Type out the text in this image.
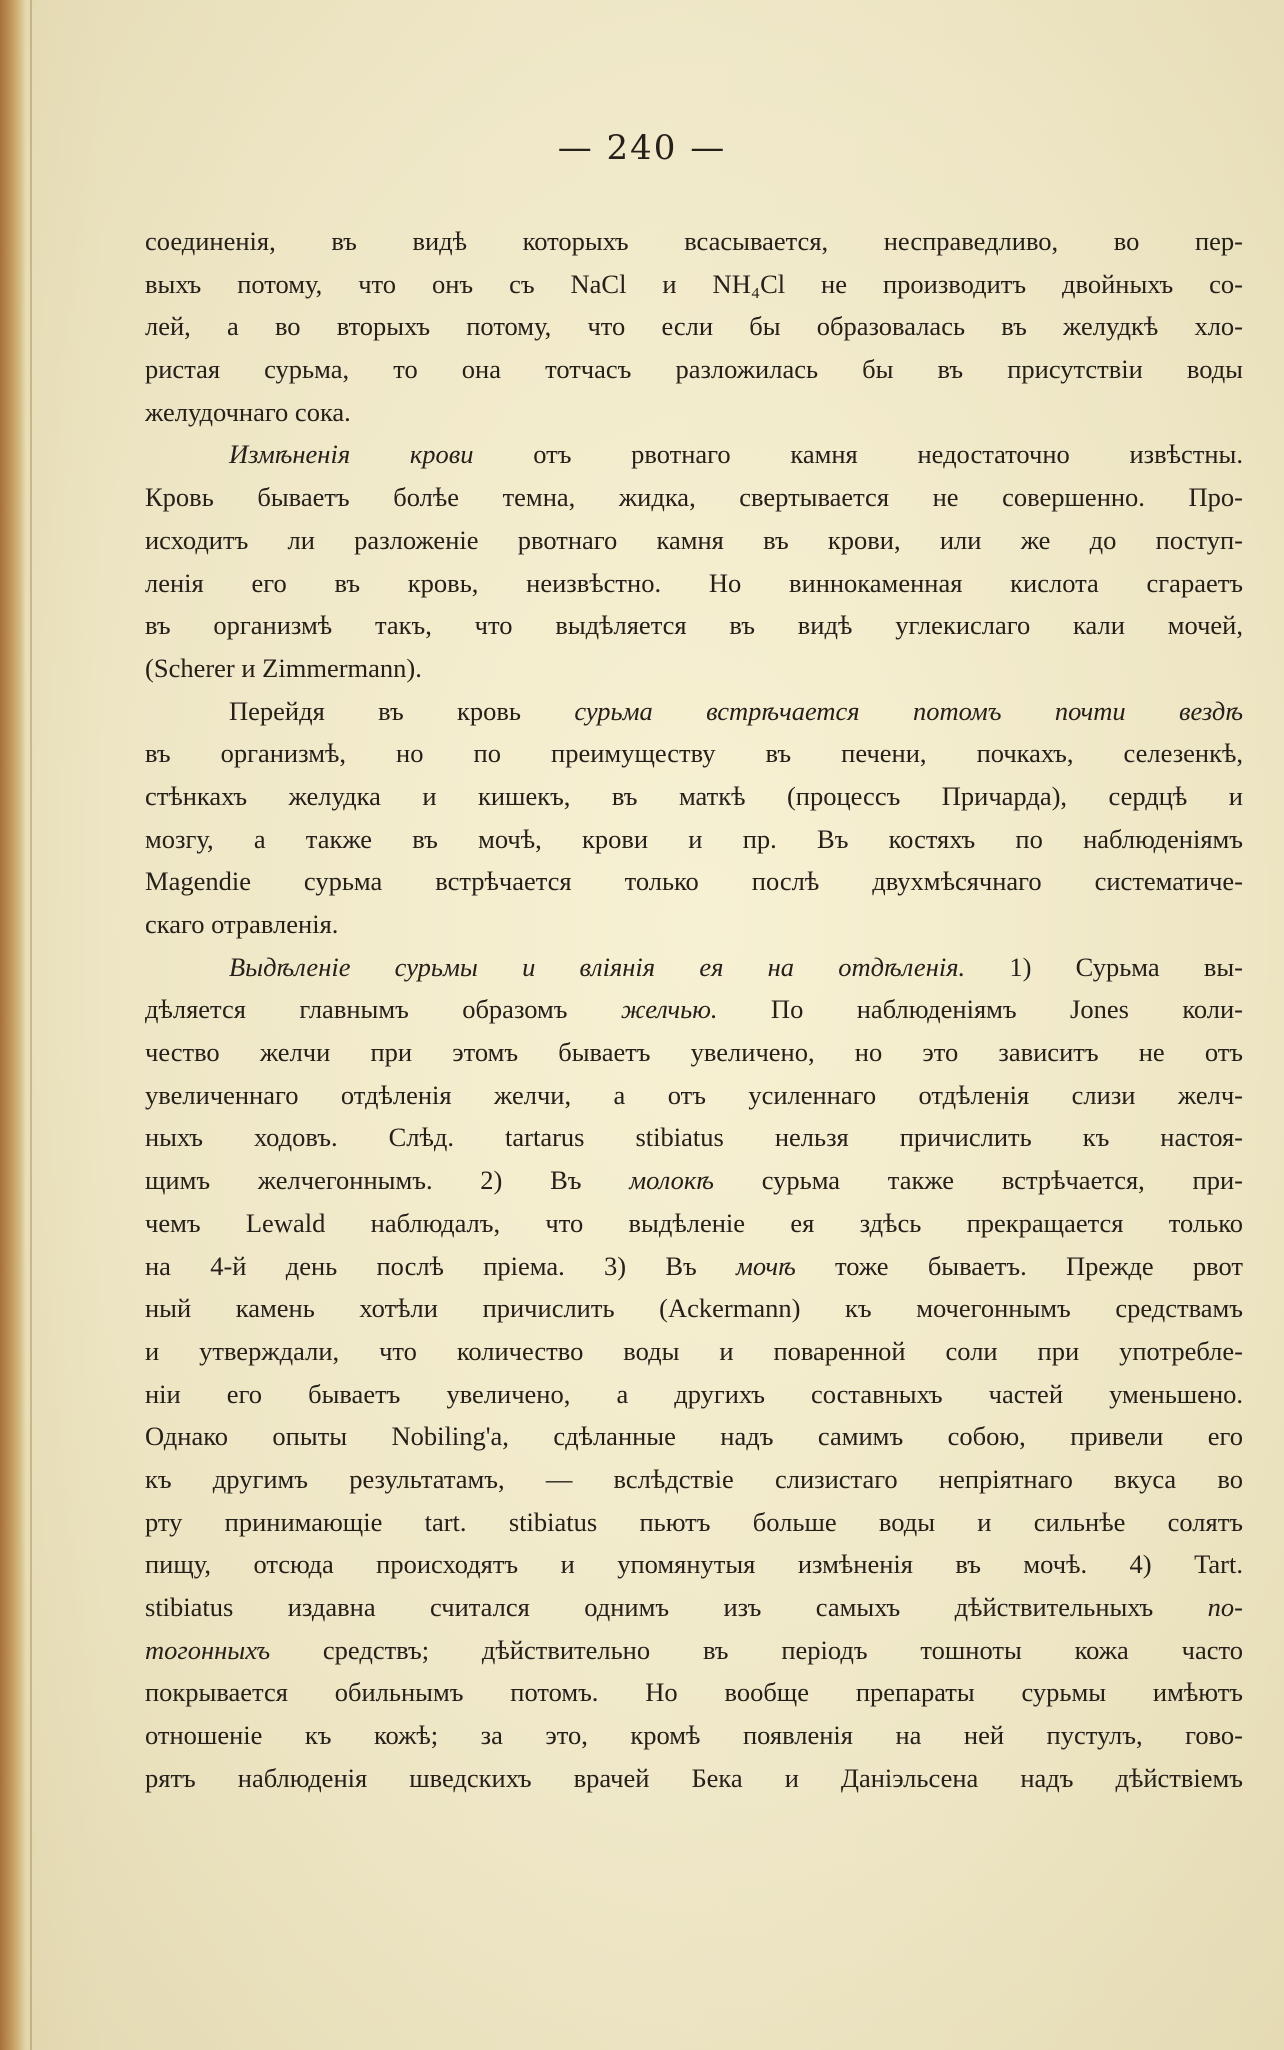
— 240 —
соединенія, въ видѣ которыхъ всасывается, несправедливо, во пер-
выхъ потому, что онъ съ NaCl и NH₄Cl не производитъ двойныхъ со-
лей, а во вторыхъ потому, что если бы образовалась въ желудкѣ хло-
ристая сурьма, то она тотчасъ разложилась бы въ присутствіи воды
желудочнаго сока.
Измѣненія крови отъ рвотнаго камня недостаточно извѣстны.
Кровь бываетъ болѣе темна, жидка, свертывается не совершенно. Про-
исходитъ ли разложеніе рвотнаго камня въ крови, или же до поступ-
ленія его въ кровь, неизвѣстно. Но виннокаменная кислота сгараетъ
въ организмѣ такъ, что выдѣляется въ видѣ углекислаго кали мочей,
(Scherer и Zimmermann).
Перейдя въ кровь сурьма встрѣчается потомъ почти вездѣ
въ организмѣ, но по преимуществу въ печени, почкахъ, селезенкѣ,
стѣнкахъ желудка и кишекъ, въ маткѣ (процессъ Причарда), сердцѣ и
мозгу, а также въ мочѣ, крови и пр. Въ костяхъ по наблюденіямъ
Magendie сурьма встрѣчается только послѣ двухмѣсячнаго систематиче-
скаго отравленія.
Выдѣленіе сурьмы и вліянія ея на отдѣленія. 1) Сурьма вы-
дѣляется главнымъ образомъ желчью. По наблюденіямъ Jones коли-
чество желчи при этомъ бываетъ увеличено, но это зависитъ не отъ
увеличеннаго отдѣленія желчи, а отъ усиленнаго отдѣленія слизи желч-
ныхъ ходовъ. Слѣд. tartarus stibiatus нельзя причислить къ настоя-
щимъ желчегоннымъ. 2) Въ молокѣ сурьма также встрѣчается, при-
чемъ Lewald наблюдалъ, что выдѣленіе ея здѣсь прекращается только
на 4-й день послѣ пріема. 3) Въ мочѣ тоже бываетъ. Прежде рвот
ный камень хотѣли причислить (Ackermann) къ мочегоннымъ средствамъ
и утверждали, что количество воды и поваренной соли при употребле-
ніи его бываетъ увеличено, а другихъ составныхъ частей уменьшено.
Однако опыты Nobiling'a, сдѣланные надъ самимъ собою, привели его
къ другимъ результатамъ, — вслѣдствіе слизистаго непріятнаго вкуса во
рту принимающіе tart. stibiatus пьютъ больше воды и сильнѣе солятъ
пищу, отсюда происходятъ и упомянутыя измѣненія въ мочѣ. 4) Tart.
stibiatus издавна считался однимъ изъ самыхъ дѣйствительныхъ по-
тогонныхъ средствъ; дѣйствительно въ періодъ тошноты кожа часто
покрывается обильнымъ потомъ. Но вообще препараты сурьмы имѣютъ
отношеніе къ кожѣ; за это, кромѣ появленія на ней пустулъ, гово-
рятъ наблюденія шведскихъ врачей Бека и Даніэльсена надъ дѣйствіемъ
